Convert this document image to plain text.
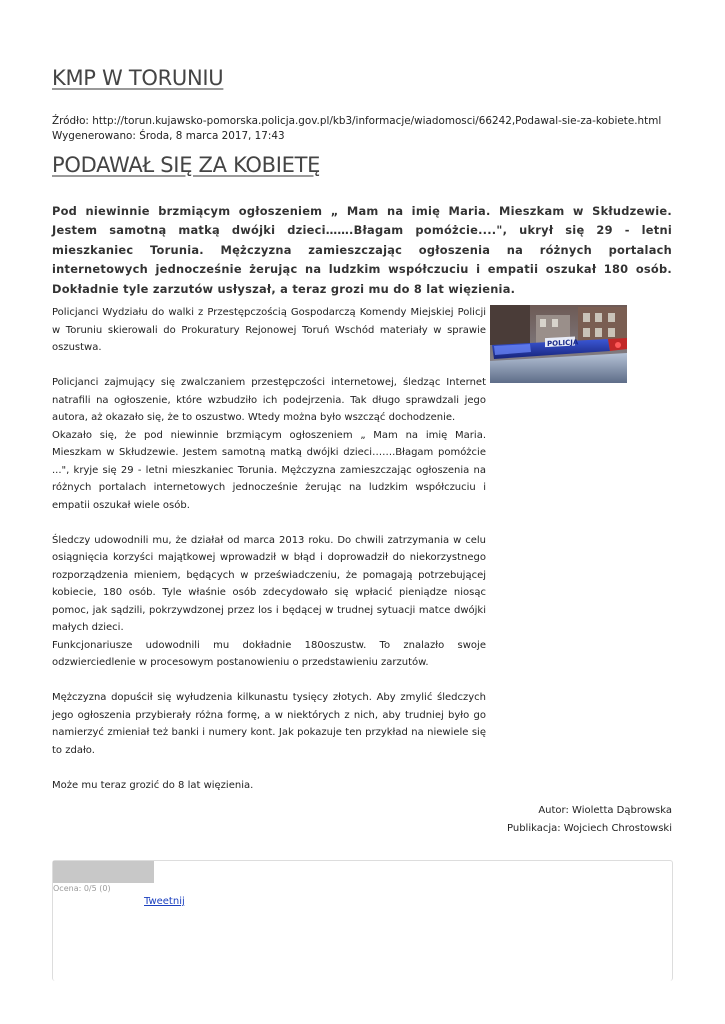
KMP W TORUNIU
Źródło: http://torun.kujawsko-pomorska.policja.gov.pl/kb3/informacje/wiadomosci/66242,Podawal-sie-za-kobiete.html
Wygenerowano: Środa, 8 marca 2017, 17:43
PODAWAŁ SIĘ ZA KOBIETĘ
Pod niewinnie brzmiącym ogłoszeniem „ Mam na imię Maria. Mieszkam w Skłudzewie. Jestem samotną matką dwójki dzieci…….Błagam pomóżcie....", ukrył się 29 - letni mieszkaniec Torunia. Mężczyzna zamieszczając ogłoszenia na różnych portalach internetowych jednocześnie żerując na ludzkim współczuciu i empatii oszukał 180 osób. Dokładnie tyle zarzutów usłyszał, a teraz grozi mu do 8 lat więzienia.

Policjanci Wydziału do walki z Przestępczością Gospodarczą Komendy Miejskiej Policji w Toruniu skierowali do Prokuratury Rejonowej Toruń Wschód materiały w sprawie oszustwa.

Policjanci zajmujący się zwalczaniem przestępczości internetowej, śledząc Internet natrafili na ogłoszenie, które wzbudziło ich podejrzenia. Tak długo sprawdzali jego autora, aż okazało się, że to oszustwo. Wtedy można było wszcząć dochodzenie.

Okazało się, że pod niewinnie brzmiącym ogłoszeniem „ Mam na imię Maria. Mieszkam w Skłudzewie. Jestem samotną matką dwójki dzieci…….Błagam pomóżcie ...", kryje się 29 - letni mieszkaniec Torunia. Mężczyzna zamieszczając ogłoszenia na różnych portalach internetowych jednocześnie żerując na ludzkim współczuciu i empatii oszukał wiele osób.

Śledczy udowodnili mu, że działał od marca 2013 roku. Do chwili zatrzymania w celu osiągnięcia korzyści majątkowej wprowadził w błąd i doprowadził do niekorzystnego rozporządzenia mieniem, będących w przeświadczeniu, że pomagają potrzebującej kobiecie, 180 osób. Tyle właśnie osób zdecydowało się wpłacić pieniądze niosąc pomoc, jak sądzili, pokrzywdzonej przez los i będącej w trudnej sytuacji matce dwójki małych dzieci.

Funkcjonariusze udowodnili mu dokładnie 180oszustw. To znalazło swoje odzwierciedlenie w procesowym postanowieniu o przedstawieniu zarzutów.

Mężczyzna dopuścił się wyłudzenia kilkunastu tysięcy złotych. Aby zmylić śledczych jego ogłoszenia przybierały różna formę, a w niektórych z nich, aby trudniej było go namierzyć zmieniał też banki i numery kont. Jak pokazuje ten przykład na niewiele się to zdało.

Może mu teraz grozić do 8 lat więzienia.

POLICJA
Autor: Wioletta Dąbrowska
Publikacja: Wojciech Chrostowski
Ocena: 0/5 (0)
Tweetnij
